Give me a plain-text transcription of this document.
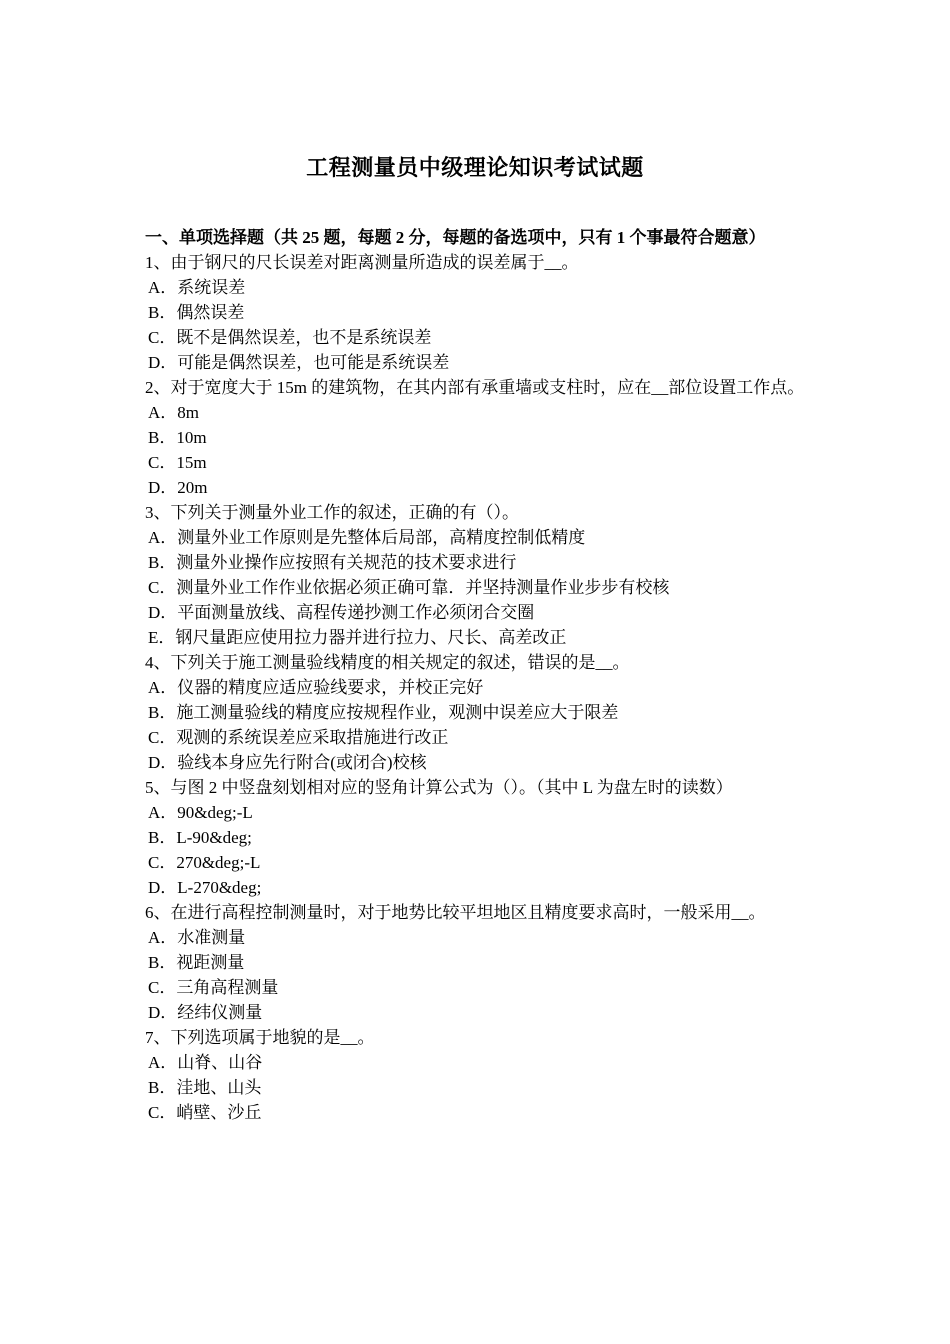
工程测量员中级理论知识考试试题
一、单项选择题（共 25 题，每题 2 分，每题的备选项中，只有 1 个事最符合题意）

1、由于钢尺的尺长误差对距离测量所造成的误差属于__。

A．系统误差

B．偶然误差

C．既不是偶然误差，也不是系统误差

D．可能是偶然误差，也可能是系统误差

2、对于宽度大于 15m 的建筑物，在其内部有承重墙或支柱时，应在__部位设置工作点。

A．8m

B．10m

C．15m

D．20m

3、下列关于测量外业工作的叙述，正确的有（）。

A．测量外业工作原则是先整体后局部，高精度控制低精度

B．测量外业操作应按照有关规范的技术要求进行

C．测量外业工作作业依据必须正确可靠．并坚持测量作业步步有校核

D．平面测量放线、高程传递抄测工作必须闭合交圈

E．钢尺量距应使用拉力器并进行拉力、尺长、高差改正

4、下列关于施工测量验线精度的相关规定的叙述，错误的是__。

A．仪器的精度应适应验线要求，并校正完好

B．施工测量验线的精度应按规程作业，观测中误差应大于限差

C．观测的系统误差应采取措施进行改正

D．验线本身应先行附合(或闭合)校核

5、与图 2 中竖盘刻划相对应的竖角计算公式为（）。（其中 L 为盘左时的读数）

A．90&deg;-L

B．L-90&deg;

C．270&deg;-L

D．L-270&deg;

6、在进行高程控制测量时，对于地势比较平坦地区且精度要求高时，一般采用__。

A．水准测量

B．视距测量

C．三角高程测量

D．经纬仪测量

7、下列选项属于地貌的是__。

A．山脊、山谷

B．洼地、山头

C．峭壁、沙丘
